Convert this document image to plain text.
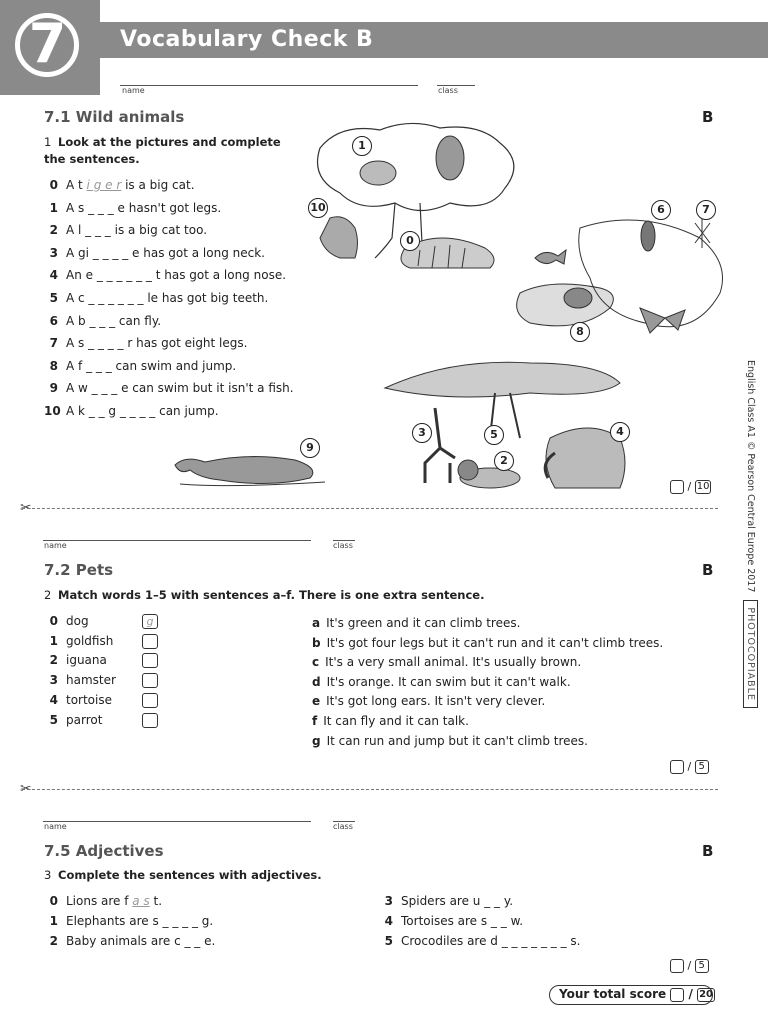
7	Vocabulary Check B
name	class
English Class A1 © Pearson Central Europe 2017PHOTOCOPIABLE
7.1 Wild animals	B
1 Look at the pictures and complete the sentences.
0 A t i g e r is a big cat.
1 A s _ _ _ e hasn't got legs.
2 A l _ _ _ is a big cat too.
3 A gi _ _ _ _ e has got a long neck.
4 An e _ _ _ _ _ _ t has got a long nose.
5 A c _ _ _ _ _ _ le has got big teeth.
6 A b _ _ _ can fly.
7 A s _ _ _ _ r has got eight legs.
8 A f _ _ _ can swim and jump.
9 A w _ _ _ e can swim but it isn't a fish.
10 A k _ _ g _ _ _ _ can jump.
1
10
0
6	7
8
3	5	4
2
9
/ 10
✂
name	class
7.2 Pets	B
2 Match words 1–5 with sentences a–f. There is one extra sentence.
0 dog	g
1 goldfish
2 iguana
3 hamster
4 tortoise
5 parrot
a It's green and it can climb trees.
b It's got four legs but it can't run and it can't climb trees.
c It's a very small animal. It's usually brown.
d It's orange. It can swim but it can't walk.
e It's got long ears. It isn't very clever.
f It can fly and it can talk.
g It can run and jump but it can't climb trees.
/ 5
✂
name	class
7.5 Adjectives	B
3 Complete the sentences with adjectives.
0 Lions are f a s t.
1 Elephants are s _ _ _ _ g.
2 Baby animals are c _ _ e.
3 Spiders are u _ _ y.
4 Tortoises are s _ _ w.
5 Crocodiles are d _ _ _ _ _ _ _ s.
/ 5
Your total score  / 20
